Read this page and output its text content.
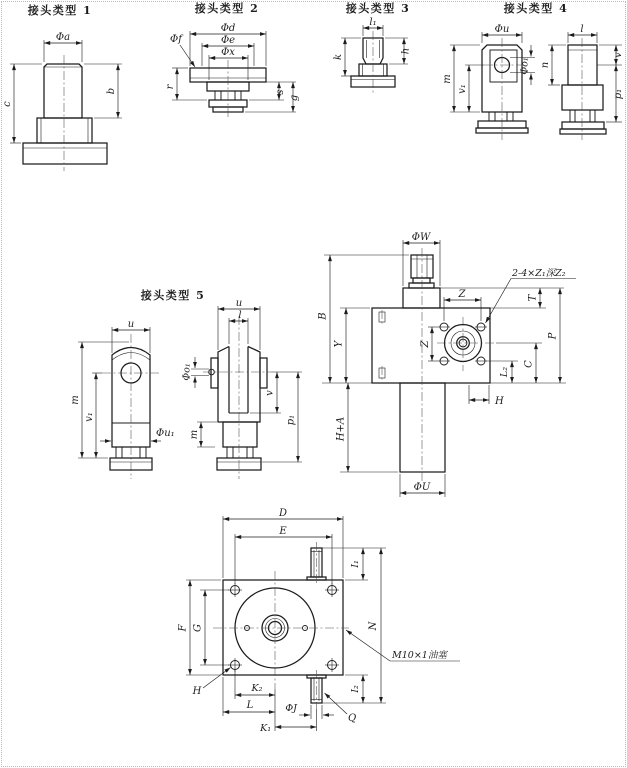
接头类型 1
Φa
b
c
接头类型 2
Φd
Φe
Φx
Φf
r
s
g
接头类型 3
l₁
k
h
接头类型 4
Φu
m
v₁
Φo₁
l
n
v
p₁
接头类型 5
u
m
v₁
Φu₁
u
l
Φo₁
m
v
p₁
Z
Z
2-4×Z₁深Z₂
ΦW
B
Y
H+A
ΦU
T
P
L₂
C
H
D
E
I₁
N
F G
H	K₂
L	ΦJ
K₁
Q
I₂
M10×1油塞
